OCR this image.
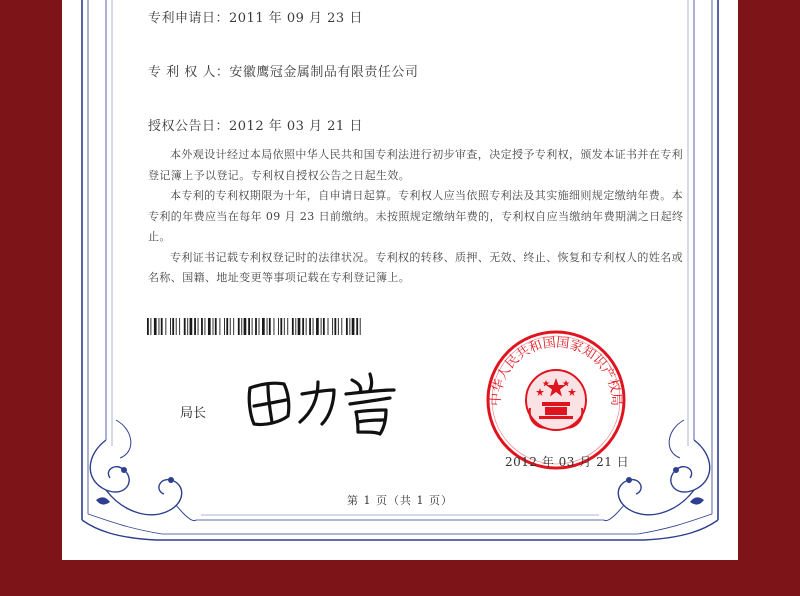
专利申请日：2011 年 09 月 23 日
专 利 权 人：安徽鹰冠金属制品有限责任公司
授权公告日：2012 年 03 月 21 日

本外观设计经过本局依照中华人民共和国专利法进行初步审查，决定授予专利权，颁发本证书并在专利登记簿上予以登记。专利权自授权公告之日起生效。

本专利的专利权期限为十年，自申请日起算。专利权人应当依照专利法及其实施细则规定缴纳年费。本专利的年费应当在每年 09 月 23 日前缴纳。未按照规定缴纳年费的，专利权自应当缴纳年费期满之日起终止。

专利证书记载专利权登记时的法律状况。专利权的转移、质押、无效、终止、恢复和专利权人的姓名或名称、国籍、地址变更等事项记载在专利登记簿上。

局长
中华人民共和国国家知识产权局
2012 年 03 月 21 日
第 1 页（共 1 页）
